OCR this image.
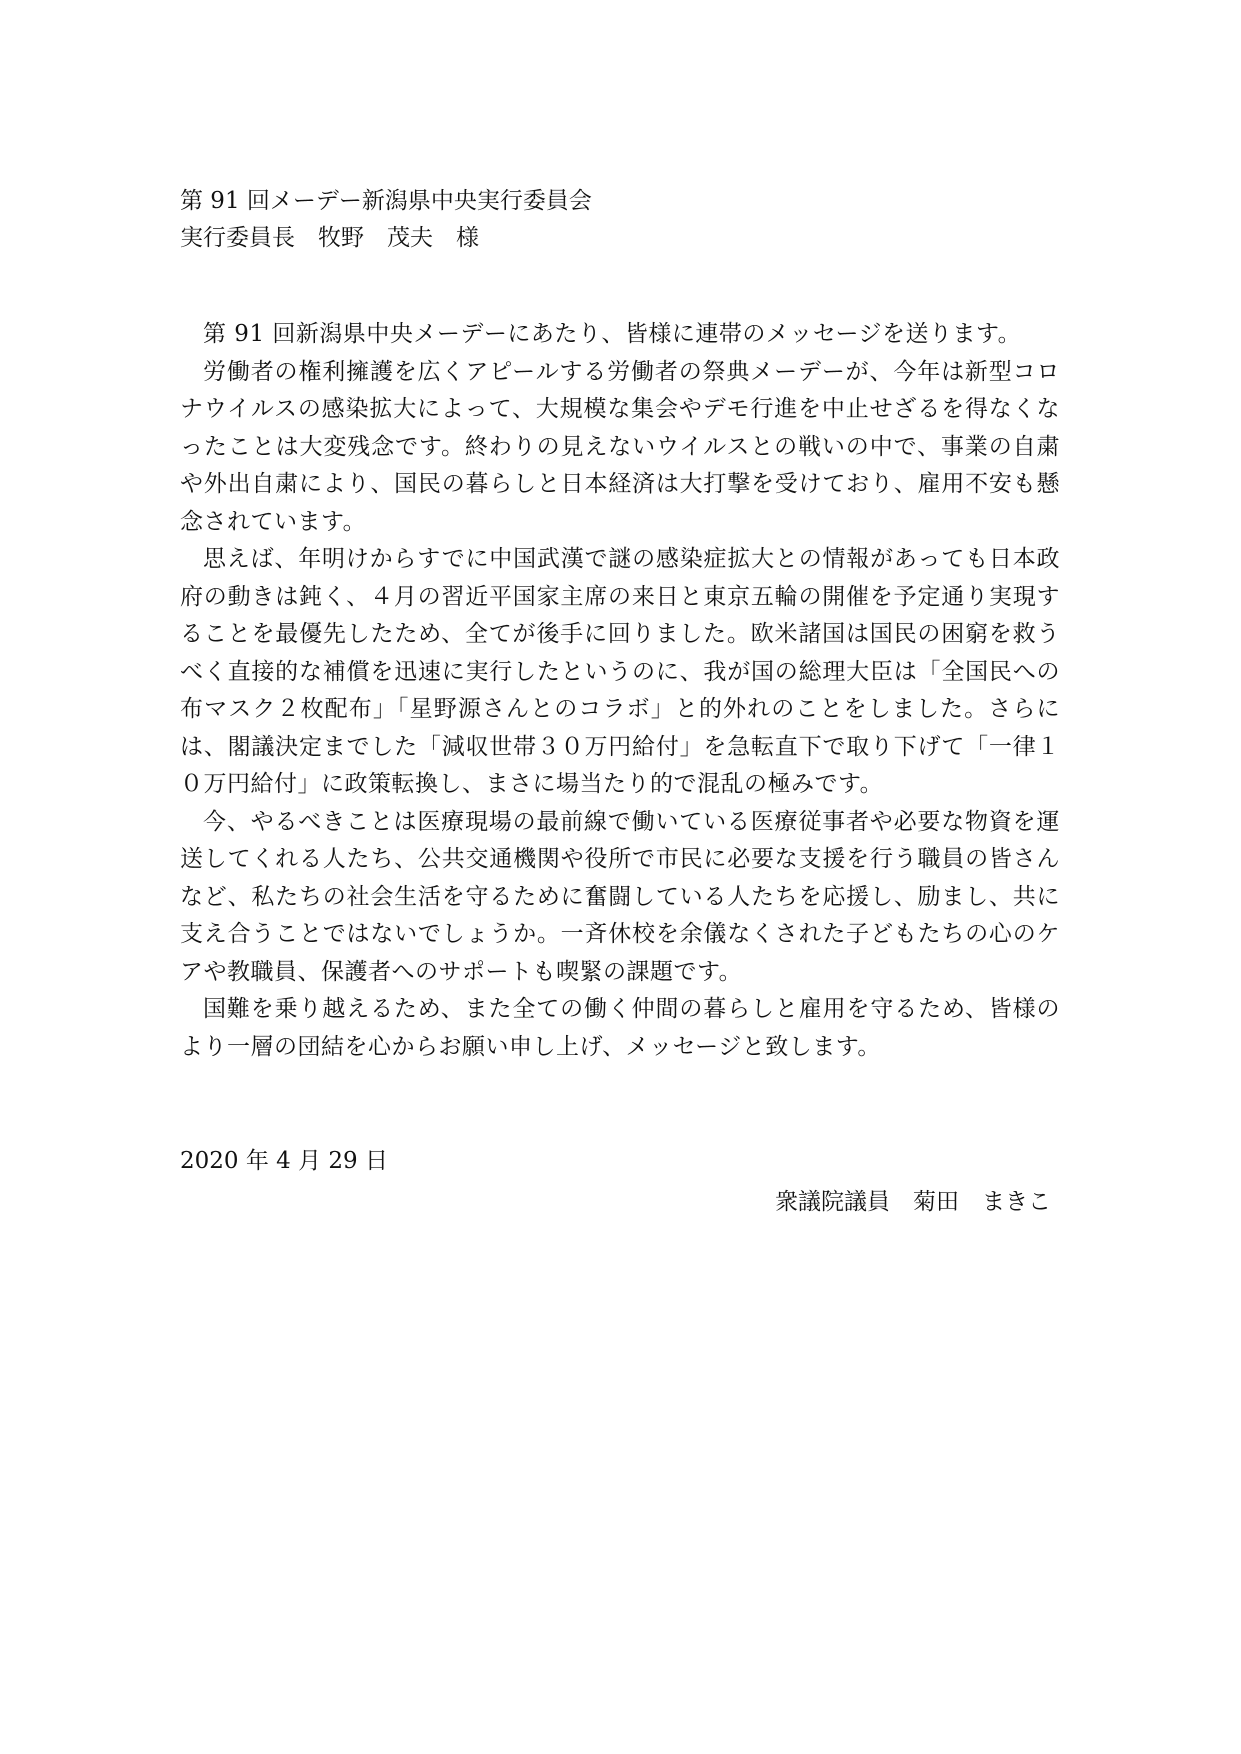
第 91 回メーデー新潟県中央実行委員会
実行委員長　牧野　茂夫　様

第 91 回新潟県中央メーデーにあたり、皆様に連帯のメッセージを送ります。

労働者の権利擁護を広くアピールする労働者の祭典メーデーが、今年は新型コロナウイルスの感染拡大によって、大規模な集会やデモ行進を中止せざるを得なくなったことは大変残念です。終わりの見えないウイルスとの戦いの中で、事業の自粛や外出自粛により、国民の暮らしと日本経済は大打撃を受けており、雇用不安も懸念されています。

思えば、年明けからすでに中国武漢で謎の感染症拡大との情報があっても日本政府の動きは鈍く、４月の習近平国家主席の来日と東京五輪の開催を予定通り実現することを最優先したため、全てが後手に回りました。欧米諸国は国民の困窮を救うべく直接的な補償を迅速に実行したというのに、我が国の総理大臣は「全国民への布マスク２枚配布」「星野源さんとのコラボ」と的外れのことをしました。さらには、閣議決定までした「減収世帯３０万円給付」を急転直下で取り下げて「一律１０万円給付」に政策転換し、まさに場当たり的で混乱の極みです。

今、やるべきことは医療現場の最前線で働いている医療従事者や必要な物資を運送してくれる人たち、公共交通機関や役所で市民に必要な支援を行う職員の皆さんなど、私たちの社会生活を守るために奮闘している人たちを応援し、励まし、共に支え合うことではないでしょうか。一斉休校を余儀なくされた子どもたちの心のケアや教職員、保護者へのサポートも喫緊の課題です。

国難を乗り越えるため、また全ての働く仲間の暮らしと雇用を守るため、皆様のより一層の団結を心からお願い申し上げ、メッセージと致します。

2020 年 4 月 29 日
衆議院議員　菊田　まきこ
